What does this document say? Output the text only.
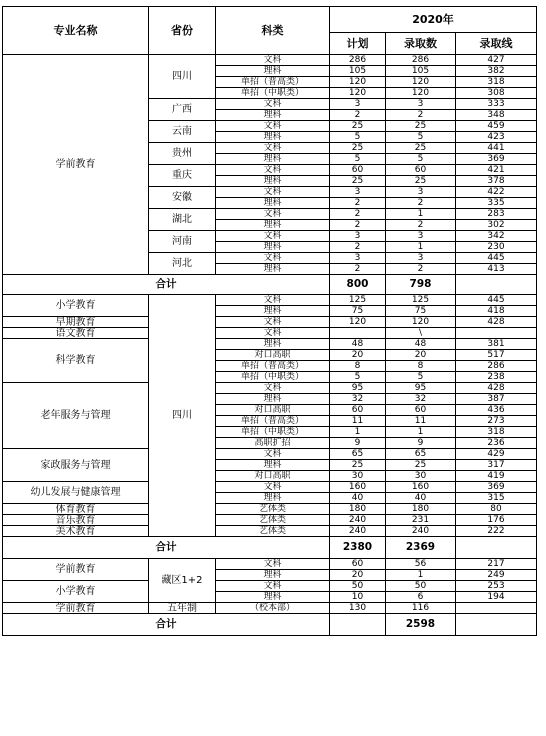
专业名称	省份	科类	2020年		
			计划	录取数	录取线
学前教育	四川	文科	286	286	427
		理科	105	105	382
		单招（普高类）	120	120	318
		单招（中职类）	120	120	308
	广西	文科	3	3	333
		理科	2	2	348
	云南	文科	25	25	459
		理科	5	5	423
	贵州	文科	25	25	441
		理科	5	5	369
	重庆	文科	60	60	421
		理科	25	25	378
	安徽	文科	3	3	422
		理科	2	2	335
	湖北	文科	2	1	283
		理科	2	2	302
	河南	文科	3	3	342
		理科	2	1	230
	河北	文科	3	3	445
		理科	2	2	413
合计			800	798	
小学教育	四川	文科	125	125	445
		理科	75	75	418
早期教育		文科	120	120	428
语文教育		文科		\	
科学教育		理科	48	48	381
		对口高职	20	20	517
		单招（普高类）	8	8	286
		单招（中职类）	5	5	238
老年服务与管理		文科	95	95	428
		理科	32	32	387
		对口高职	60	60	436
		单招（普高类）	11	11	273
		单招（中职类）	1	1	318
		高职扩招	9	9	236
家政服务与管理		文科	65	65	429
		理科	25	25	317
		对口高职	30	30	419
幼儿发展与健康管理		文科	160	160	369
		理科	40	40	315
体育教育		艺体类	180	180	80
音乐教育		艺体类	240	231	176
美术教育		艺体类	240	240	222
合计			2380	2369	
学前教育	藏区1+2	文科	60	56	217
		理科	20	1	249
小学教育		文科	50	50	253
		理科	10	6	194
学前教育	五年制	（校本部）	130	116	
合计				2598	
